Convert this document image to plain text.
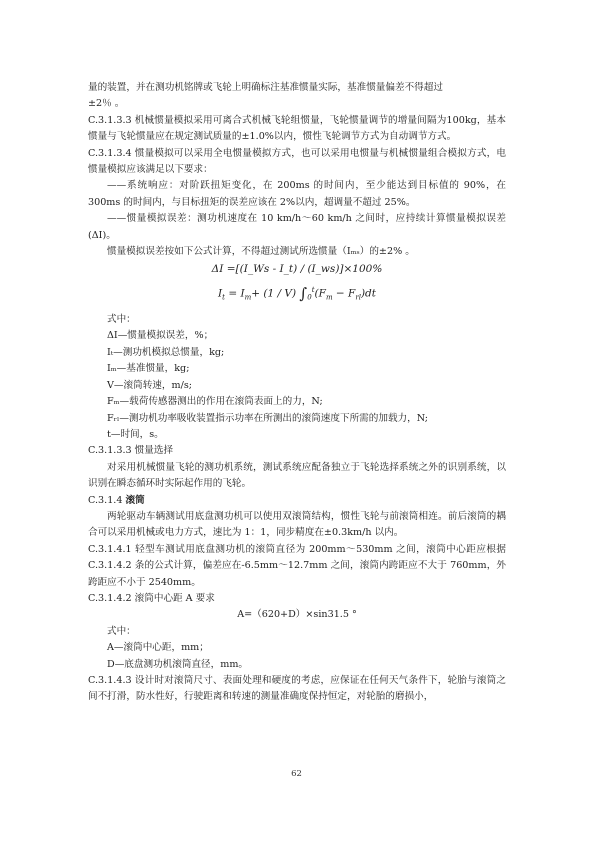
量的装置，并在测功机铭牌或飞轮上明确标注基准惯量实际，基准惯量偏差不得超过

±2％ 。

C.3.1.3.3 机械惯量模拟采用可离合式机械飞轮组惯量，飞轮惯量调节的增量间隔为100kg，基本惯量与飞轮惯量应在规定测试质量的±1.0%以内，惯性飞轮调节方式为自动调节方式。

C.3.1.3.4 惯量模拟可以采用全电惯量模拟方式，也可以采用电惯量与机械惯量组合模拟方式，电惯量模拟应该满足以下要求：

——系统响应：对阶跃扭矩变化，在 200ms 的时间内，至少能达到目标值的 90%，在 300ms 的时间内，与目标扭矩的误差应该在 2%以内，超调量不超过 25%。

——惯量模拟误差：测功机速度在 10 km/h～60 km/h 之间时，应持续计算惯量模拟误差(ΔI)。

惯量模拟误差按如下公式计算，不得超过测试所选惯量（Iₘₛ）的±2% 。

ΔI =[(I_Ws - I_t) / (I_ws)]×100%

$I_t = I_m+ (1 / V) \int_0^t(F_m - F_{rl})dt$

式中：

ΔI—惯量模拟误差，%；

Iₜ—测功机模拟总惯量，kg;

Iₘ—基准惯量，kg;

V—滚筒转速，m/s;

Fₘ—载荷传感器测出的作用在滚筒表面上的力，N;

Fᵣₗ—测功机功率吸收装置指示功率在所测出的滚筒速度下所需的加载力，N;

t—时间，s。

C.3.1.3.3 惯量选择

对采用机械惯量飞轮的测功机系统，测试系统应配备独立于飞轮选择系统之外的识别系统，以识别在瞬态循环时实际起作用的飞轮。

C.3.1.4 滚筒

两轮驱动车辆测试用底盘测功机可以使用双滚筒结构，惯性飞轮与前滚筒相连。前后滚筒的耦合可以采用机械或电力方式，速比为 1：1，同步精度在±0.3km/h 以内。

C.3.1.4.1 轻型车测试用底盘测功机的滚筒直径为 200mm～530mm 之间，滚筒中心距应根据 C.3.1.4.2 条的公式计算，偏差应在-6.5mm～12.7mm 之间，滚筒内跨距应不大于 760mm，外跨距应不小于 2540mm。

C.3.1.4.2 滚筒中心距 A 要求

A=（620+D）×sin31.5 °

式中：

A—滚筒中心距，mm；

D—底盘测功机滚筒直径，mm。

C.3.1.4.3 设计时对滚筒尺寸、表面处理和硬度的考虑，应保证在任何天气条件下，轮胎与滚筒之间不打滑，防水性好，行驶距离和转速的测量准确度保持恒定，对轮胎的磨损小，

62
